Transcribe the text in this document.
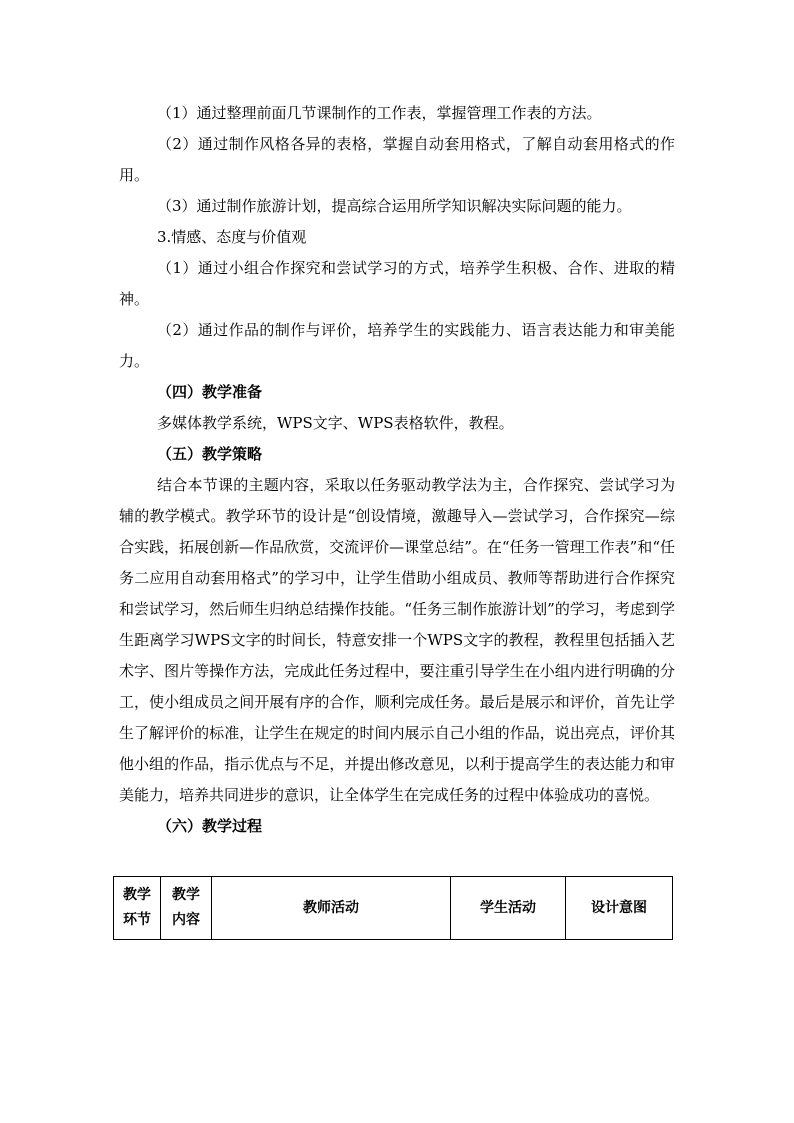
（1）通过整理前面几节课制作的工作表，掌握管理工作表的方法。

（2）通过制作风格各异的表格，掌握自动套用格式，了解自动套用格式的作用。

（3）通过制作旅游计划，提高综合运用所学知识解决实际问题的能力。

3.情感、态度与价值观

（1）通过小组合作探究和尝试学习的方式，培养学生积极、合作、进取的精神。

（2）通过作品的制作与评价，培养学生的实践能力、语言表达能力和审美能力。

（四）教学准备

多媒体教学系统，WPS文字、WPS表格软件，教程。

（五）教学策略

结合本节课的主题内容，采取以任务驱动教学法为主，合作探究、尝试学习为辅的教学模式。教学环节的设计是“创设情境，激趣导入—尝试学习，合作探究—综合实践，拓展创新—作品欣赏，交流评价—课堂总结”。在“任务一管理工作表”和“任务二应用自动套用格式”的学习中，让学生借助小组成员、教师等帮助进行合作探究和尝试学习，然后师生归纳总结操作技能。“任务三制作旅游计划”的学习，考虑到学生距离学习WPS文字的时间长，特意安排一个WPS文字的教程，教程里包括插入艺术字、图片等操作方法，完成此任务过程中，要注重引导学生在小组内进行明确的分工，使小组成员之间开展有序的合作，顺利完成任务。最后是展示和评价，首先让学生了解评价的标准，让学生在规定的时间内展示自己小组的作品，说出亮点，评价其他小组的作品，指示优点与不足，并提出修改意见，以利于提高学生的表达能力和审美能力，培养共同进步的意识，让全体学生在完成任务的过程中体验成功的喜悦。

（六）教学过程

教学
环节	教学
内容	教师活动	学生活动	设计意图
